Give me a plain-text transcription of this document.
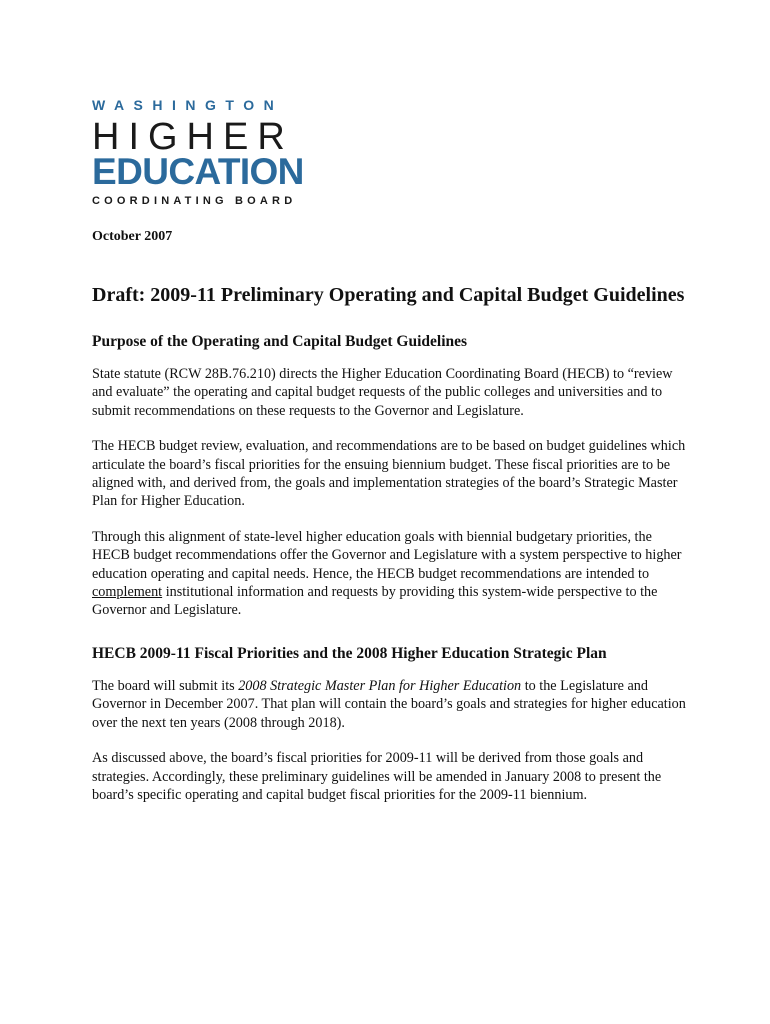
WASHINGTON
HIGHER
EDUCATION
COORDINATING BOARD

October 2007

Draft: 2009-11 Preliminary Operating and Capital Budget Guidelines
Purpose of the Operating and Capital Budget Guidelines

State statute (RCW 28B.76.210) directs the Higher Education Coordinating Board (HECB) to “review and evaluate” the operating and capital budget requests of the public colleges and universities and to submit recommendations on these requests to the Governor and Legislature.

The HECB budget review, evaluation, and recommendations are to be based on budget guidelines which articulate the board’s fiscal priorities for the ensuing biennium budget. These fiscal priorities are to be aligned with, and derived from, the goals and implementation strategies of the board’s Strategic Master Plan for Higher Education.

Through this alignment of state-level higher education goals with biennial budgetary priorities, the HECB budget recommendations offer the Governor and Legislature with a system perspective to higher education operating and capital needs. Hence, the HECB budget recommendations are intended to complement institutional information and requests by providing this system-wide perspective to the Governor and Legislature.

HECB 2009-11 Fiscal Priorities and the 2008 Higher Education Strategic Plan

The board will submit its 2008 Strategic Master Plan for Higher Education to the Legislature and Governor in December 2007. That plan will contain the board’s goals and strategies for higher education over the next ten years (2008 through 2018).

As discussed above, the board’s fiscal priorities for 2009-11 will be derived from those goals and strategies. Accordingly, these preliminary guidelines will be amended in January 2008 to present the board’s specific operating and capital budget fiscal priorities for the 2009-11 biennium.
